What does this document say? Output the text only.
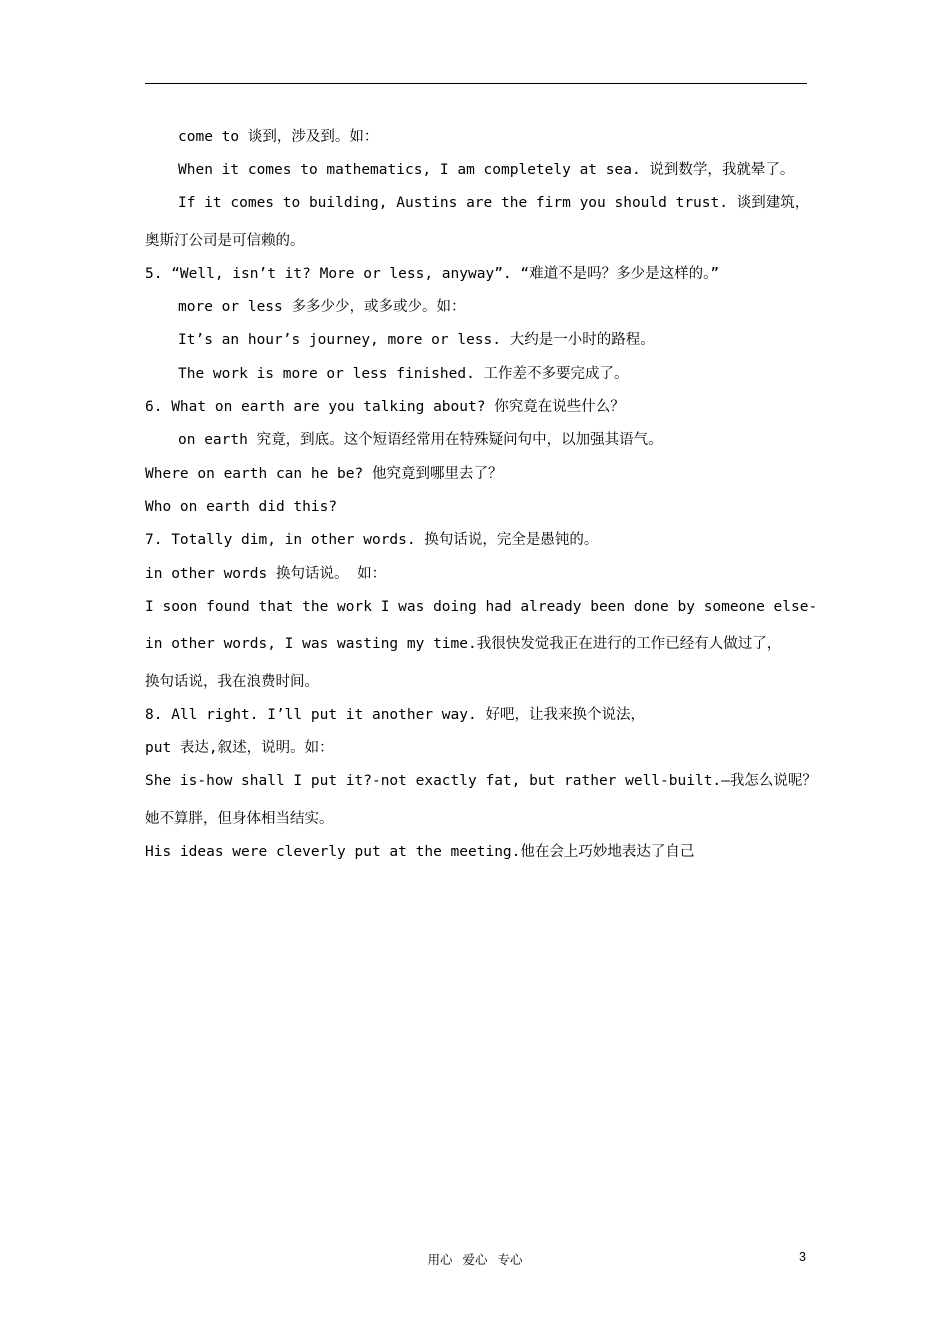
come to 谈到，涉及到。如：
When it comes to mathematics, I am completely at sea. 说到数学，我就晕了。
If it comes to building, Austins are the firm you should trust. 谈到建筑，
奥斯汀公司是可信赖的。
5. “Well, isn’t it? More or less, anyway”. “难道不是吗？多少是这样的。”
more or less 多多少少，或多或少。如：
It’s an hour’s journey, more or less. 大约是一小时的路程。
The work is more or less finished. 工作差不多要完成了。
6. What on earth are you talking about? 你究竟在说些什么？
on earth 究竟，到底。这个短语经常用在特殊疑问句中，以加强其语气。
Where on earth can he be? 他究竟到哪里去了？
Who on earth did this?
7. Totally dim, in other words. 换句话说，完全是愚钝的。
in other words 换句话说。 如：
I soon found that the work I was doing had already been done by someone else-
in other words, I was wasting my time.我很快发觉我正在进行的工作已经有人做过了，
换句话说，我在浪费时间。
8. All right. I’ll put it another way. 好吧，让我来换个说法，
put 表达,叙述，说明。如：
She is-how shall I put it?-not exactly fat, but rather well-built.—我怎么说呢？
她不算胖，但身体相当结实。
His ideas were cleverly put at the meeting.他在会上巧妙地表达了自己
用心 爱心 专心	3
